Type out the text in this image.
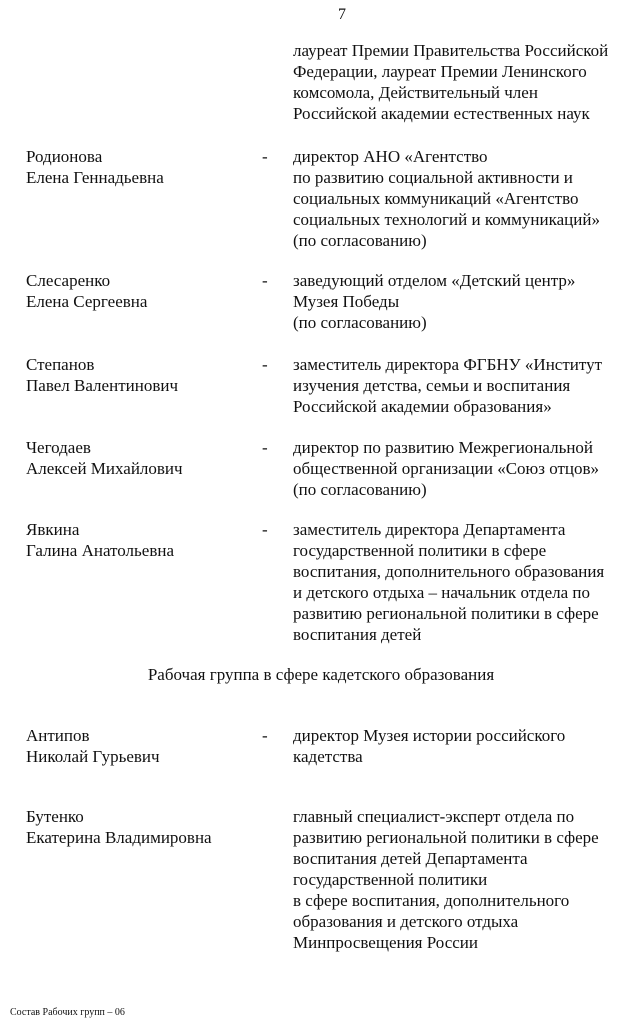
7
лауреат Премии Правительства Российской
Федерации, лауреат Премии Ленинского
комсомола, Действительный член
Российской академии естественных наук
Родионова
Елена Геннадьевна
- директор АНО «Агентство
по развитию социальной активности и
социальных коммуникаций «Агентство
социальных технологий и коммуникаций»
(по согласованию)
Слесаренко
Елена Сергеевна
- заведующий отделом «Детский центр»
Музея Победы
(по согласованию)
Степанов
Павел Валентинович
- заместитель директора ФГБНУ «Институт
изучения детства, семьи и воспитания
Российской академии образования»
Чегодаев
Алексей Михайлович
- директор по развитию Межрегиональной
общественной организации «Союз отцов»
(по согласованию)
Явкина
Галина Анатольевна
- заместитель директора Департамента
государственной политики в сфере
воспитания, дополнительного образования
и детского отдыха – начальник отдела по
развитию региональной политики в сфере
воспитания детей
Рабочая группа в сфере кадетского образования
Антипов
Николай Гурьевич
- директор Музея истории российского
кадетства
Бутенко
Екатерина Владимировна
главный специалист-эксперт отдела по
развитию региональной политики в сфере
воспитания детей Департамента
государственной политики
в сфере воспитания, дополнительного
образования и детского отдыха
Минпросвещения России
Состав Рабочих групп – 06
